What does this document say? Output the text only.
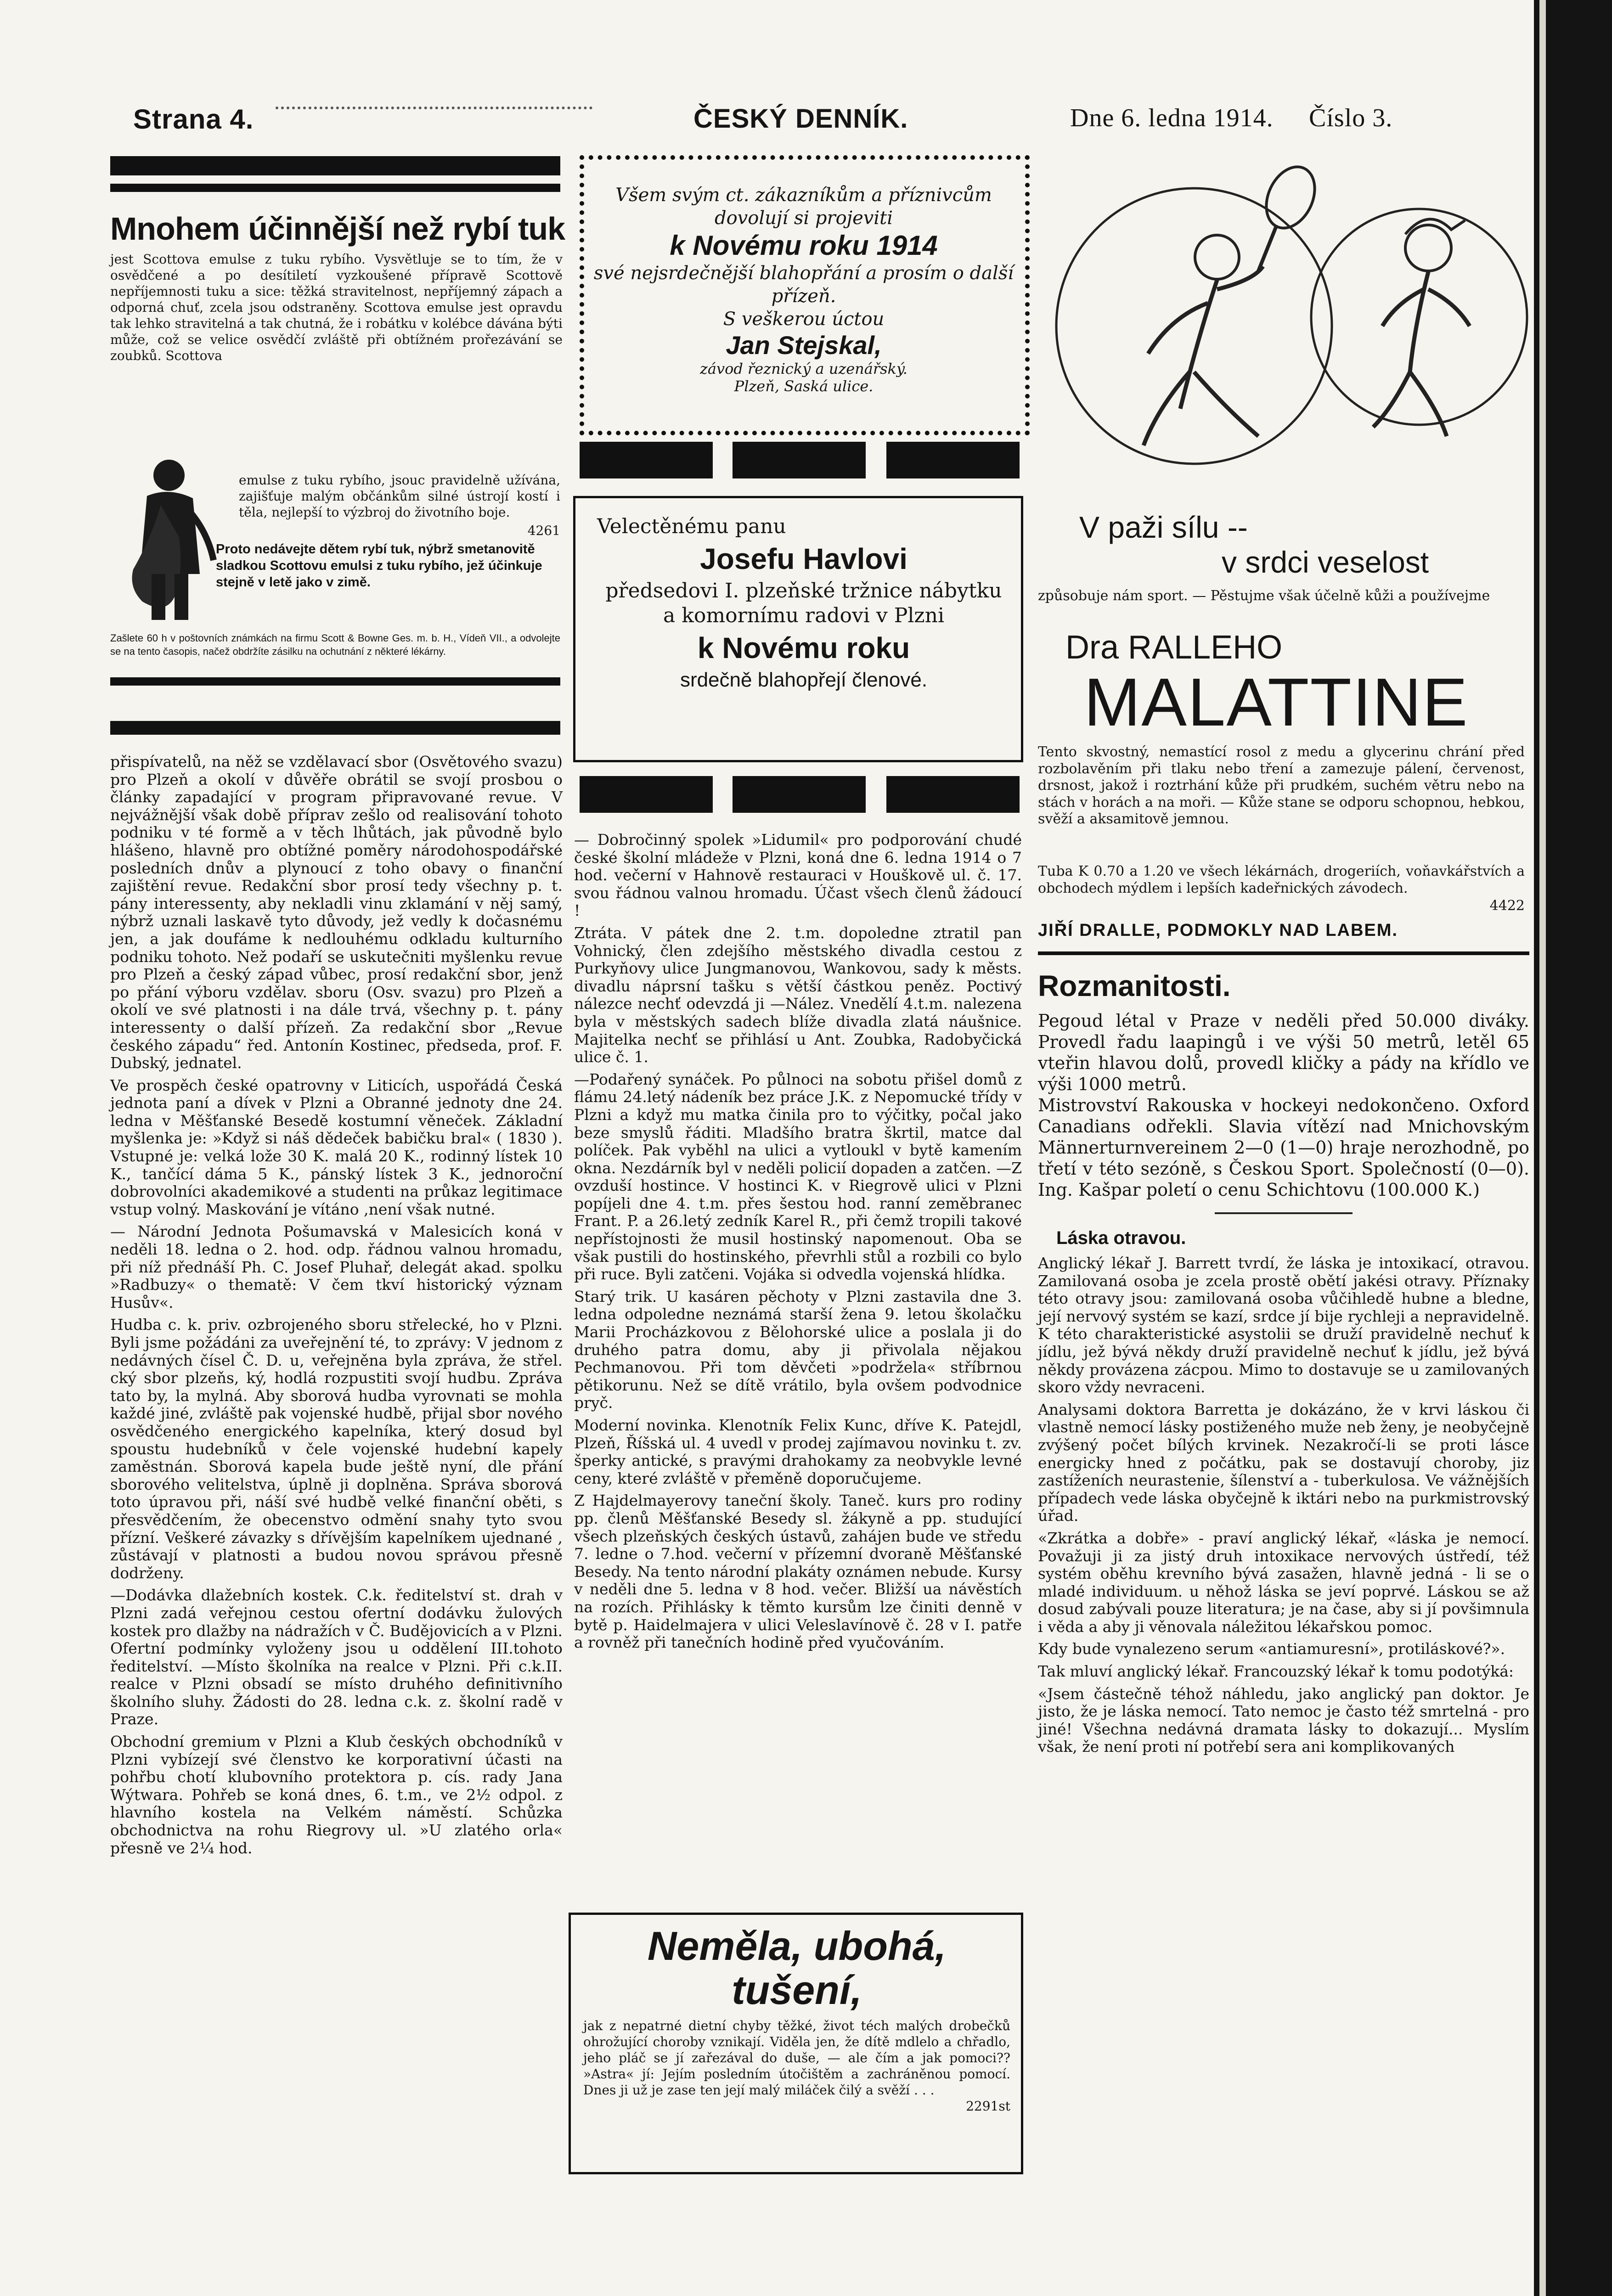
Strana 4.	ČESKÝ DENNÍK.	Dne 6. ledna 1914. Číslo 3.
Mnohem účinnější než rybí tuk
jest Scottova emulse z tuku rybího. Vysvětluje se to tím, že v osvědčené a po desítiletí vyzkoušené přípravě Scottově nepříjemnosti tuku a sice: těžká stravitelnost, nepříjemný zápach a odporná chuť, zcela jsou odstraněny. Scottova emulse jest opravdu tak lehko stravitelná a tak chutná, že i robátku v kolébce dávána býti může, což se velice osvědčí zvláště při obtížném prořezávání se zoubků. Scottova
emulse z tuku rybího, jsouc pravidelně užívána, zajišťuje malým občánkům silné ústrojí kostí i těla, nejlepší to výzbroj do životního boje.
4261
Proto nedávejte dětem rybí tuk, nýbrž smetanovitě sladkou Scottovu emulsi z tuku rybího, jež účinkuje stejně v letě jako v zimě.
Zašlete 60 h v poštovních známkách na firmu Scott & Bowne Ges. m. b. H., Vídeň VII., a odvolejte se na tento časopis, načež obdržíte zásilku na ochutnání z některé lékárny.

přispívatelů, na něž se vzdělavací sbor (Osvětového svazu) pro Plzeň a okolí v důvěře obrátil se svojí prosbou o články zapadající v program připravované revue. V nejvážnější však době příprav zešlo od realisování tohoto podniku v té formě a v těch lhůtách, jak původně bylo hlášeno, hlavně pro obtížné poměry národohospodářské posledních dnův a plynoucí z toho obavy o finanční zajištění revue. Redakční sbor prosí tedy všechny p. t. pány interessenty, aby nekladli vinu zklamání v něj samý, nýbrž uznali laskavě tyto důvody, jež vedly k dočasnému jen, a jak doufáme k nedlouhému odkladu kulturního podniku tohoto. Než podaří se uskutečniti myšlenku revue pro Plzeň a český západ vůbec, prosí redakční sbor, jenž po přání výboru vzdělav. sboru (Osv. svazu) pro Plzeň a okolí ve své platnosti i na dále trvá, všechny p. t. pány interessenty o další přízeň. Za redakční sbor „Revue českého západu“ řed. Antonín Kostinec, předseda, prof. F. Dubský, jednatel.

Ve prospěch české opatrovny v Liticích, uspořádá Česká jednota paní a dívek v Plzni a Obranné jednoty dne 24. ledna v Měšťanské Besedě kostumní věneček. Základní myšlenka je: »Když si náš dědeček babičku bral« ( 1830 ). Vstupné je: velká lože 30 K. malá 20 K., rodinný lístek 10 K., tančící dáma 5 K., pánský lístek 3 K., jednoroční dobrovolníci akademikové a studenti na průkaz legitimace vstup volný. Maskování je vítáno ,není však nutné.

— Národní Jednota Pošumavská v Malesicích koná v neděli 18. ledna o 2. hod. odp. řádnou valnou hromadu, při níž přednáší Ph. C. Josef Pluhař, delegát akad. spolku »Radbuzy« o thematě: V čem tkví historický význam Husův«.

Hudba c. k. priv. ozbrojeného sboru střelecké, ho v Plzni. Byli jsme požádáni za uveřejnění té, to zprávy: V jednom z nedávných čísel Č. D. u, veřejněna byla zpráva, že střel. cký sbor plzeňs, ký, hodlá rozpustiti svojí hudbu. Zpráva tato by, la mylná. Aby sborová hudba vyrovnati se mohla každé jiné, zvláště pak vojenské hudbě, přijal sbor nového osvědčeného energického kapelníka, který dosud byl spoustu hudebníků v čele vojenské hudební kapely zaměstnán. Sborová kapela bude ještě nyní, dle přání sborového velitelstva, úplně ji doplněna. Správa sborová toto úpravou při, náší své hudbě velké finanční oběti, s přesvědčením, že obecenstvo odmění snahy tyto svou přízní. Veškeré závazky s dřívějším kapelníkem ujednané , zůstávají v platnosti a budou novou správou přesně dodrženy.

—Dodávka dlažebních kostek. C.k. ředitelství st. drah v Plzni zadá veřejnou cestou ofertní dodávku žulových kostek pro dlažby na nádražích v Č. Budějovicích a v Plzni. Ofertní podmínky vyloženy jsou u oddělení III.tohoto ředitelství. —Místo školníka na realce v Plzni. Při c.k.II. realce v Plzni obsadí se místo druhého definitivního školního sluhy. Žádosti do 28. ledna c.k. z. školní radě v Praze.

Obchodní gremium v Plzni a Klub českých obchodníků v Plzni vybízejí své členstvo ke korporativní účasti na pohřbu chotí klubovního protektora p. cís. rady Jana Wýtwara. Pohřeb se koná dnes, 6. t.m., ve 2½ odpol. z hlavního kostela na Velkém náměstí. Schůzka obchodnictva na rohu Riegrovy ul. »U zlatého orla« přesně ve 2¼ hod.

Všem svým ct. zákazníkům a příznivcům dovolují si projeviti
k Novému roku 1914
své nejsrdečnější blahopřání a prosím o další přízeň.
S veškerou úctou
Jan Stejskal,
závod řeznický a uzenářský.
Plzeň, Saská ulice.
Velectěnému panu
Josefu Havlovi
předsedovi I. plzeňské tržnice nábytku a komornímu radovi v Plzni
k Novému roku
srdečně blahopřejí členové.

— Dobročinný spolek »Lidumil« pro podporování chudé české školní mládeže v Plzni, koná dne 6. ledna 1914 o 7 hod. večerní v Hahnově restauraci v Houškově ul. č. 17. svou řádnou valnou hromadu. Účast všech členů žádoucí !

Ztráta. V pátek dne 2. t.m. dopoledne ztratil pan Vohnický, člen zdejšího městského divadla cestou z Purkyňovy ulice Jungmanovou, Wankovou, sady k městs. divadlu náprsní tašku s větší částkou peněz. Poctivý nálezce nechť odevzdá ji —Nález. Vnedělí 4.t.m. nalezena byla v městských sadech blíže divadla zlatá náušnice. Majitelka nechť se přihlásí u Ant. Zoubka, Radobyčická ulice č. 1.

—Podařený synáček. Po půlnoci na sobotu přišel domů z flámu 24.letý nádeník bez práce J.K. z Nepomucké třídy v Plzni a když mu matka činila pro to výčitky, počal jako beze smyslů řáditi. Mladšího bratra škrtil, matce dal políček. Pak vyběhl na ulici a vytloukl v bytě kamením okna. Nezdárník byl v neděli policií dopaden a zatčen. —Z ovzduší hostince. V hostinci K. v Riegrově ulici v Plzni popíjeli dne 4. t.m. přes šestou hod. ranní zeměbranec Frant. P. a 26.letý zedník Karel R., při čemž tropili takové nepřístojnosti že musil hostinský napomenout. Oba se však pustili do hostinského, převrhli stůl a rozbili co bylo při ruce. Byli zatčeni. Vojáka si odvedla vojenská hlídka.

Starý trik. U kasáren pěchoty v Plzni zastavila dne 3. ledna odpoledne neznámá starší žena 9. letou školačku Marii Procházkovou z Bělohorské ulice a poslala ji do druhého patra domu, aby ji přivolala nějakou Pechmanovou. Při tom děvčeti »podržela« stříbrnou pětikorunu. Než se dítě vrátilo, byla ovšem podvodnice pryč.

Moderní novinka. Klenotník Felix Kunc, dříve K. Patejdl, Plzeň, Říšská ul. 4 uvedl v prodej zajímavou novinku t. zv. šperky antické, s pravými drahokamy za neobvykle levné ceny, které zvláště v přeměně doporučujeme.

Z Hajdelmayerovy taneční školy. Taneč. kurs pro rodiny pp. členů Měšťanské Besedy sl. žákyně a pp. studující všech plzeňských českých ústavů, zahájen bude ve středu 7. ledne o 7.hod. večerní v přízemní dvoraně Měšťanské Besedy. Na tento národní plakáty oznámen nebude. Kursy v neděli dne 5. ledna v 8 hod. večer. Bližší ua návěstích na rozích. Přihlásky k těmto kursům lze činiti denně v bytě p. Haidelmajera v ulici Veleslavínově č. 28 v I. patře a rovněž při tanečních hodině před vyučováním.

Neměla, ubohá,
tušení,
jak z nepatrné dietní chyby těžké, život téch malých drobečků ohrožující choroby vznikají. Viděla jen, že dítě mdlelo a chřadlo, jeho pláč se jí zařezával do duše, — ale čím a jak pomoci?? »Astra« jí: Jejím posledním útočištěm a zachráněnou pomocí. Dnes ji už je zase ten její malý miláček čilý a svěží . . .
2291st
V paži sílu --
v srdci veselost
způsobuje nám sport. — Pěstujme však účelně kůži a používejme
Dra RALLEHO
MALATTINE
Tento skvostný, nemastící rosol z medu a glycerinu chrání před rozbolavěním při tlaku nebo tření a zamezuje pálení, červenost, drsnost, jakož i roztrhání kůže při prudkém, suchém větru nebo na stách v horách a na moři. — Kůže stane se odporu schopnou, hebkou, svěží a aksamitově jemnou.
Tuba K 0.70 a 1.20 ve všech lékárnách, drogeriích, voňavkářstvích a obchodech mýdlem i lepších kadeřnických závodech.
4422
JIŘÍ DRALLE, PODMOKLY NAD LABEM.
Rozmanitosti.
Pegoud létal v Praze v neděli před 50.000 diváky. Provedl řadu laapingů i ve výši 50 metrů, letěl 65 vteřin hlavou dolů, provedl kličky a pády na křídlo ve výši 1000 metrů.
Mistrovství Rakouska v hockeyi nedokončeno. Oxford Canadians odřekli. Slavia vítězí nad Mnichovským Männerturnvereinem 2—0 (1—0) hraje nerozhodně, po třetí v této sezóně, s Českou Sport. Společností (0—0). Ing. Kašpar poletí o cenu Schichtovu (100.000 K.)
Láska otravou.

Anglický lékař J. Barrett tvrdí, že láska je intoxikací, otravou. Zamilovaná osoba je zcela prostě obětí jakési otravy. Příznaky této otravy jsou: zamilovaná osoba vůčihledě hubne a bledne, její nervový systém se kazí, srdce jí bije rychleji a nepravidelně. K této charakteristické asystolii se druží pravidelně nechuť k jídlu, jež bývá někdy druží pravidelně nechuť k jídlu, jež bývá někdy provázena zácpou. Mimo to dostavuje se u zamilovaných skoro vždy nevraceni.

Analysami doktora Barretta je dokázáno, že v krvi láskou či vlastně nemocí lásky postiženého muže neb ženy, je neobyčejně zvýšený počet bílých krvinek. Nezakročí-li se proti lásce energicky hned z počátku, pak se dostavují choroby, jiz zastíženích neurastenie, šílenství a - tuberkulosa. Ve vážnějších případech vede láska obyčejně k iktári nebo na purkmistrovský úřad.

«Zkrátka a dobře» - praví anglický lékař, «láska je nemocí. Považuji ji za jistý druh intoxikace nervových ústředí, též systém oběhu krevního bývá zasažen, hlavně jedná - li se o mladé individuum. u něhož láska se jeví poprvé. Láskou se až dosud zabývali pouze literatura; je na čase, aby si jí povšimnula i věda a aby ji věnovala náležitou lékařskou pomoc.

Kdy bude vynalezeno serum «antiamuresní», protiláskové?».

Tak mluví anglický lékař. Francouzský lékař k tomu podotýká:

«Jsem částečně téhož náhledu, jako anglický pan doktor. Je jisto, že je láska nemocí. Tato nemoc je často též smrtelná - pro jiné! Všechna nedávná dramata lásky to dokazují... Myslím však, že není proti ní potřebí sera ani komplikovaných
